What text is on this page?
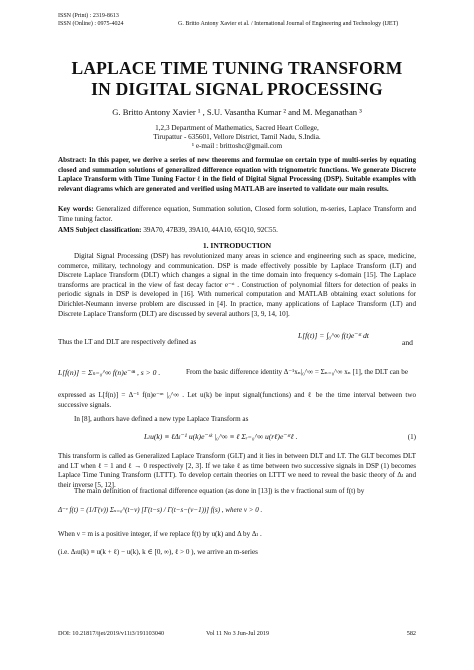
ISSN (Print) : 2319-8613
ISSN (Online) : 0975-4024	G. Britto Antony Xavier et al. / International Journal of Engineering and Technology (IJET)
LAPLACE TIME TUNING TRANSFORM
IN DIGITAL SIGNAL PROCESSING
G. Britto Antony Xavier ¹ , S.U. Vasantha Kumar ² and M. Meganathan ³
1,2,3 Department of Mathematics, Sacred Heart College,
Tirupattur - 635601, Vellore District, Tamil Nadu, S.India.
¹ e-mail : brittoshc@gmail.com
Abstract: In this paper, we derive a series of new theorems and formulae on certain type of multi-series by equating closed and summation solutions of generalized difference equation with trignometric functions. We generate Discrete Laplace Transform with Time Tuning Factor ℓ in the field of Digital Signal Processing (DSP). Suitable examples with relevant diagrams which are generated and verified using MATLAB are inserted to validate our main results.
Key words: Generalized difference equation, Summation solution, Closed form solution, m-series, Laplace Transform and Time tuning factor.
AMS Subject classification: 39A70, 47B39, 39A10, 44A10, 65Q10, 92C55.
1. INTRODUCTION
Digital Signal Processing (DSP) has revolutionized many areas in science and engineering such as space, medicine, commerce, military, technology and communication. DSP is made effectively possible by Laplace Transform (LT) and Discrete Laplace Transform (DLT) which changes a signal in the time domain into frequency s-domain [15]. The Laplace transforms are practical in the view of fast decay factor e⁻ˢᵗ . Construction of polynomial filters for detection of peaks in periodic signals in DSP is developed in [16]. With numerical computation and MATLAB obtaining exact solutions for Dirichlet-Neumann inverse problem are discussed in [4]. In practice, many applications of Laplace Transform (LT) and Discrete Laplace Transform (DLT) are discussed by several authors [3, 9, 14, 10].
Thus the LT and DLT are respectively defined as
L[f(t)] = ∫₀^∞ f(t)e⁻ˢᵗ dt
and
L[f(n)] = Σₙ₌₀^∞ f(n)e⁻ˢⁿ , s > 0 .	From the basic difference identity Δ⁻¹xₙ|₀^∞ = Σₙ₌₀^∞ xₙ [1], the DLT can be
expressed as L[f(n)] = Δ⁻¹ f(n)e⁻ˢⁿ |₀^∞ . Let u(k) be input signal(functions) and ℓ be the time interval between two successive signals.
In [8], authors have defined a new type Laplace Transform as
Lₗu(k) ≡ ℓΔₗ⁻¹ u(k)e⁻ˢᵏ |₀^∞ ≡ ℓ Σᵣ₌₀^∞ u(rℓ)e⁻ˢʳℓ .	(1)
This transform is called as Generalized Laplace Transform (GLT) and it lies in between DLT and LT. The GLT becomes DLT and LT when ℓ = 1 and ℓ → 0 respectively [2, 3]. If we take ℓ as time between two successive signals in DSP (1) becomes Laplace Time Tuning Transform (LTTT). To develop certain theories on LTTT we need to reveal the basic theory of Δₗ and their inverse [5, 12].
The main definition of fractional difference equation (as done in [13]) is the ν fractional sum of f(t) by
Δ⁻ᵛ f(t) = (1/Γ(ν)) Σₛ₌ₐ^(t−ν) [Γ(t−s) / Γ(t−s−(ν−1))] f(s) , where ν > 0 .
When ν = m is a positive integer, if we replace f(t) by u(k) and Δ by Δₗ .
(i.e. Δₗu(k) ≡ u(k + ℓ) − u(k), k ∈ [0, ∞), ℓ > 0 ), we arrive an m-series
DOI: 10.21817/ijet/2019/v11i3/191103040	Vol 11 No 3 Jun-Jul 2019	582
